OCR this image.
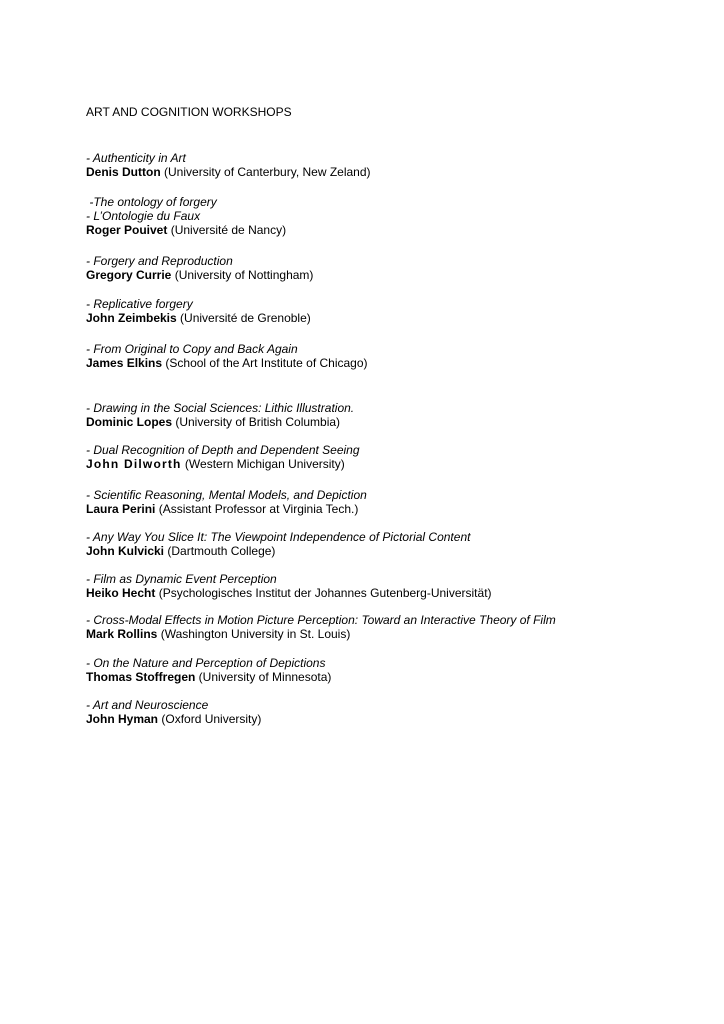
ART AND COGNITION WORKSHOPS
- Authenticity in Art
Denis Dutton (University of Canterbury, New Zeland)
-The ontology of forgery
- L’Ontologie du Faux
Roger Pouivet (Université de Nancy)
- Forgery and Reproduction
Gregory Currie (University of Nottingham)
- Replicative forgery
John Zeimbekis (Université de Grenoble)
- From Original to Copy and Back Again
James Elkins (School of the Art Institute of Chicago)
- Drawing in the Social Sciences: Lithic Illustration.
Dominic Lopes (University of British Columbia)
- Dual Recognition of Depth and Dependent Seeing
John Dilworth (Western Michigan University)
- Scientific Reasoning, Mental Models, and Depiction
Laura Perini (Assistant Professor at Virginia Tech.)
- Any Way You Slice It: The Viewpoint Independence of Pictorial Content
John Kulvicki (Dartmouth College)
- Film as Dynamic Event Perception
Heiko Hecht (Psychologisches Institut der Johannes Gutenberg-Universität)
- Cross-Modal Effects in Motion Picture Perception: Toward an Interactive Theory of Film
Mark Rollins (Washington University in St. Louis)
- On the Nature and Perception of Depictions
Thomas Stoffregen (University of Minnesota)
- Art and Neuroscience
John Hyman (Oxford University)
